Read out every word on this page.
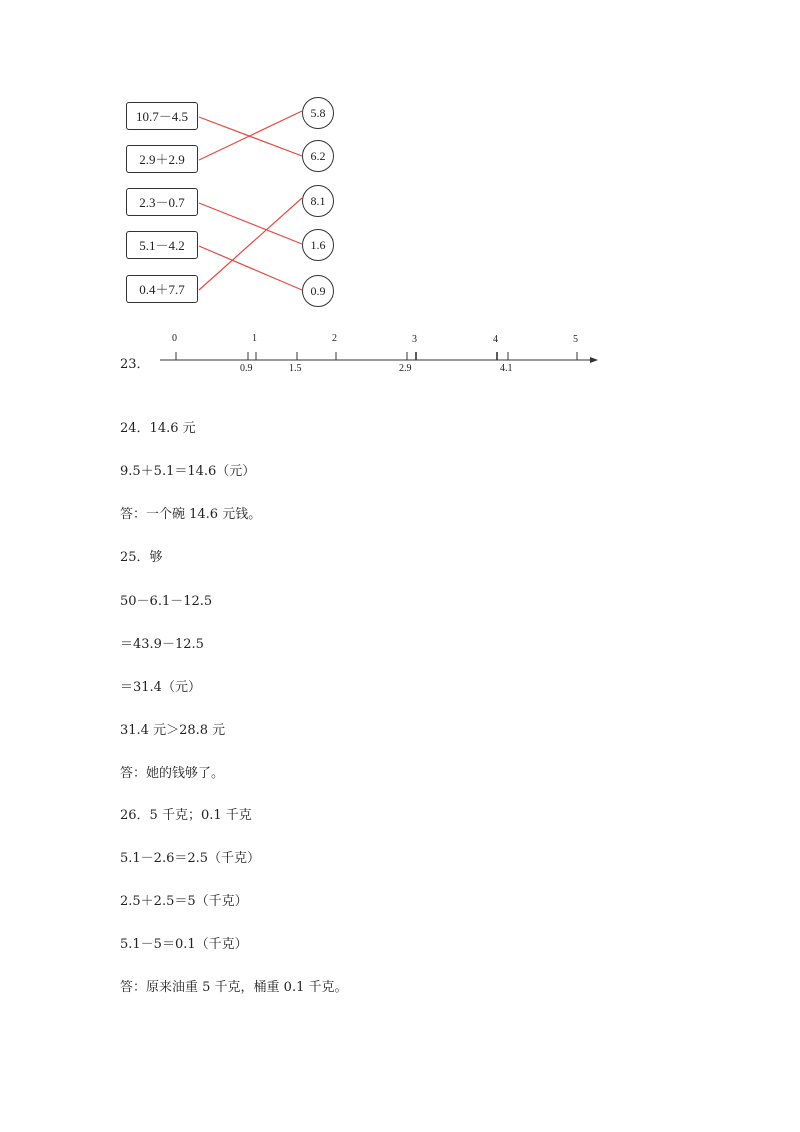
10.7－4.5
2.9＋2.9
2.3－0.7
5.1－4.2
0.4＋7.7
5.8
6.2
8.1
1.6
0.9
23．
0	1	2	3	4	5
0.9	1.5	2.9	4.1
24．14.6 元
9.5＋5.1＝14.6（元）
答：一个碗 14.6 元钱。
25．够
50－6.1－12.5
＝43.9－12.5
＝31.4（元）
31.4 元＞28.8 元
答：她的钱够了。
26．5 千克；0.1 千克
5.1－2.6＝2.5（千克）
2.5＋2.5＝5（千克）
5.1－5＝0.1（千克）
答：原来油重 5 千克，桶重 0.1 千克。
